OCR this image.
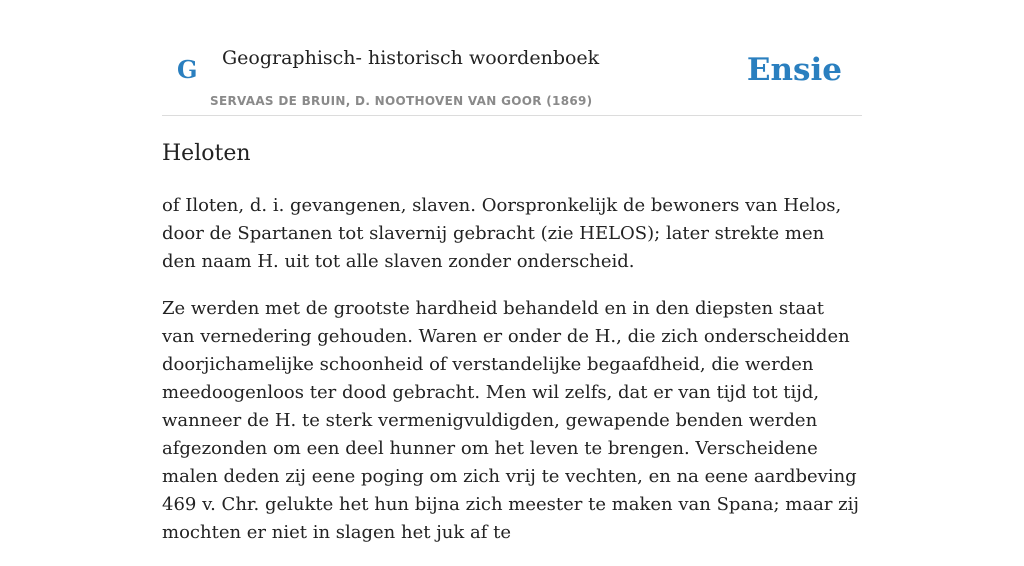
G Geographisch- historisch woordenboek
SERVAAS DE BRUIN, D. NOOTHOVEN VAN GOOR (1869)
Ensie
Heloten

of Iloten, d. i. gevangenen, slaven. Oorspronkelijk de bewoners van Helos, door de Spartanen tot slavernij gebracht (zie HELOS); later strekte men den naam H. uit tot alle slaven zonder onderscheid.

Ze werden met de grootste hardheid behandeld en in den diepsten staat van vernedering gehouden. Waren er onder de H., die zich onderscheidden doorjichamelijke schoonheid of verstandelijke begaafdheid, die werden meedoogenloos ter dood gebracht. Men wil zelfs, dat er van tijd tot tijd, wanneer de H. te sterk vermenigvuldigden, gewapende benden werden afgezonden om een deel hunner om het leven te brengen. Verscheidene malen deden zij eene poging om zich vrij te vechten, en na eene aardbeving 469 v. Chr. gelukte het hun bijna zich meester te maken van Spana; maar zij mochten er niet in slagen het juk af te
